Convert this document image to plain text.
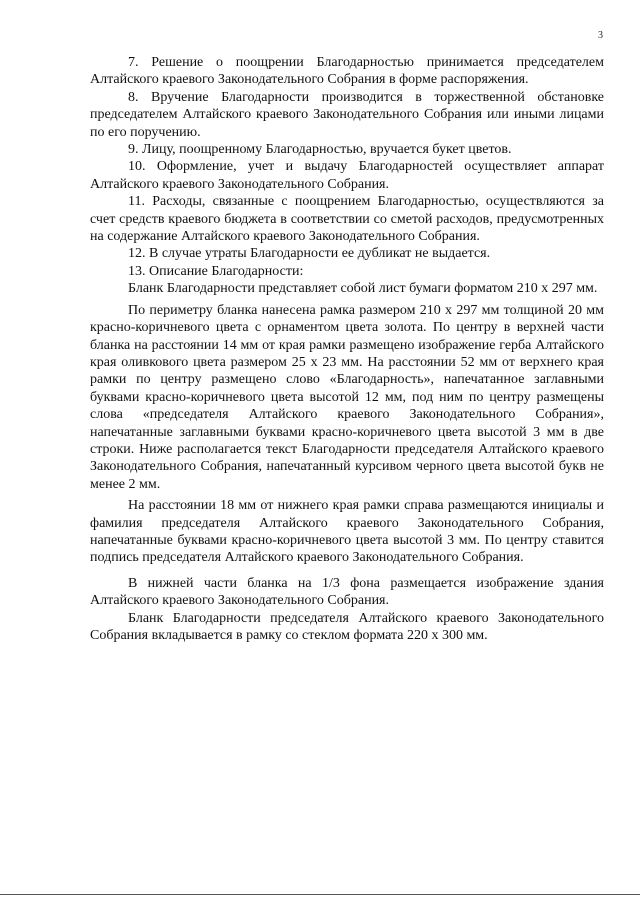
3

7. Решение о поощрении Благодарностью принимается председателем Алтайского краевого Законодательного Собрания в форме распоряжения.

8. Вручение Благодарности производится в торжественной обстановке председателем Алтайского краевого Законодательного Собрания или иными лицами по его поручению.

9. Лицу, поощренному Благодарностью, вручается букет цветов.

10. Оформление, учет и выдачу Благодарностей осуществляет аппарат Алтайского краевого Законодательного Собрания.

11. Расходы, связанные с поощрением Благодарностью, осуществляются за счет средств краевого бюджета в соответствии со сметой расходов, предусмотренных на содержание Алтайского краевого Законодательного Собрания.

12. В случае утраты Благодарности ее дубликат не выдается.

13. Описание Благодарности:

Бланк Благодарности представляет собой лист бумаги форматом 210 х 297 мм.

По периметру бланка нанесена рамка размером 210 х 297 мм толщиной 20 мм красно-коричневого цвета с орнаментом цвета золота. По центру в верхней части бланка на расстоянии 14 мм от края рамки размещено изображение герба Алтайского края оливкового цвета размером 25 х 23 мм. На расстоянии 52 мм от верхнего края рамки по центру размещено слово «Благодарность», напечатанное заглавными буквами красно-коричневого цвета высотой 12 мм, под ним по центру размещены слова «председателя Алтайского краевого Законодательного Собрания», напечатанные заглавными буквами красно-коричневого цвета высотой 3 мм в две строки. Ниже располагается текст Благодарности председателя Алтайского краевого Законодательного Собрания, напечатанный курсивом черного цвета высотой букв не менее 2 мм.

На расстоянии 18 мм от нижнего края рамки справа размещаются инициалы и фамилия председателя Алтайского краевого Законодательного Собрания, напечатанные буквами красно-коричневого цвета высотой 3 мм. По центру ставится подпись председателя Алтайского краевого Законодательного Собрания.

В нижней части бланка на 1/3 фона размещается изображение здания Алтайского краевого Законодательного Собрания.

Бланк Благодарности председателя Алтайского краевого Законодательного Собрания вкладывается в рамку со стеклом формата 220 х 300 мм.
